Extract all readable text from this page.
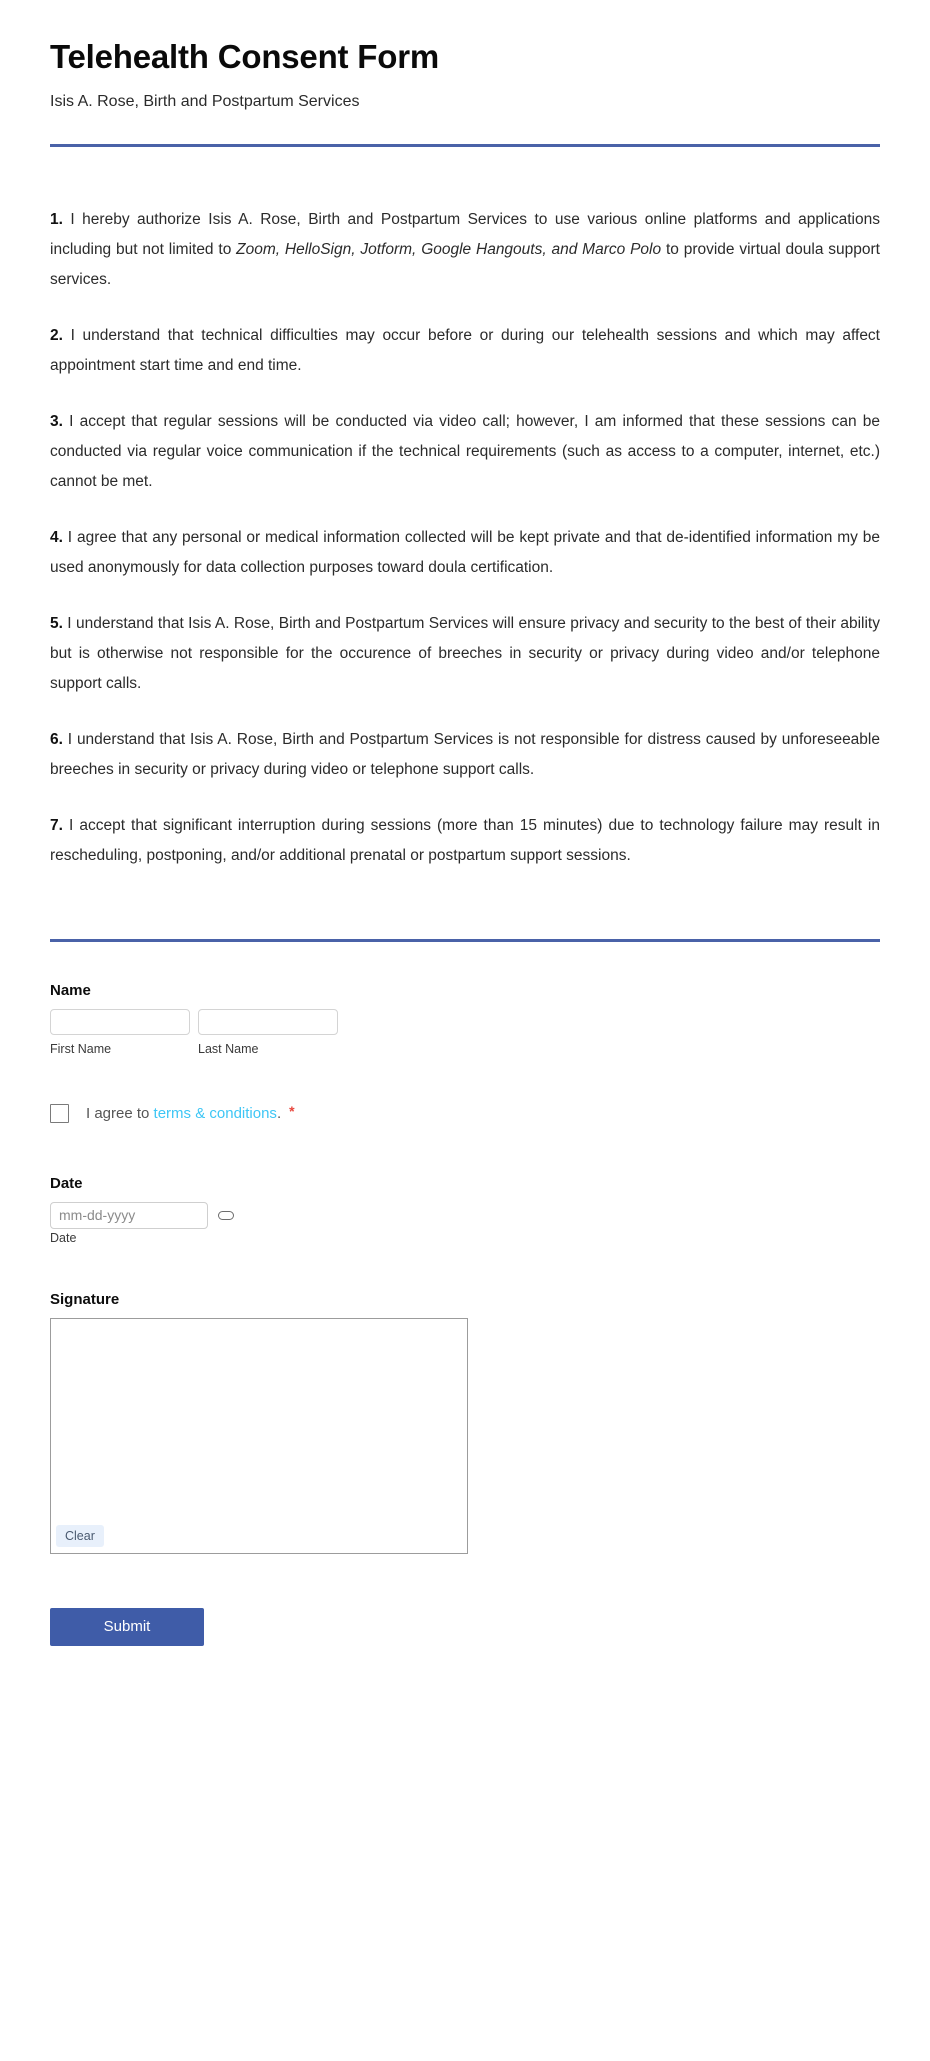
Telehealth Consent Form
Isis A. Rose, Birth and Postpartum Services

1. I hereby authorize Isis A. Rose, Birth and Postpartum Services to use various online platforms and applications including but not limited to Zoom, HelloSign, Jotform, Google Hangouts, and Marco Polo to provide virtual doula support services.

2. I understand that technical difficulties may occur before or during our telehealth sessions and which may affect appointment start time and end time.

3. I accept that regular sessions will be conducted via video call; however, I am informed that these sessions can be conducted via regular voice communication if the technical requirements (such as access to a computer, internet, etc.) cannot be met.

4. I agree that any personal or medical information collected will be kept private and that de-identified information my be used anonymously for data collection purposes toward doula certification.

5. I understand that Isis A. Rose, Birth and Postpartum Services will ensure privacy and security to the best of their ability but is otherwise not responsible for the occurence of breeches in security or privacy during video and/or telephone support calls.

6. I understand that Isis A. Rose, Birth and Postpartum Services is not responsible for distress caused by unforeseeable breeches in security or privacy during video or telephone support calls.

7. I accept that significant interruption during sessions (more than 15 minutes) due to technology failure may result in rescheduling, postponing, and/or additional prenatal or postpartum support sessions.

Name
First Name	Last Name
I agree to terms & conditions. *
Date
mm-dd-yyyy
Date
Signature
Clear
Submit
